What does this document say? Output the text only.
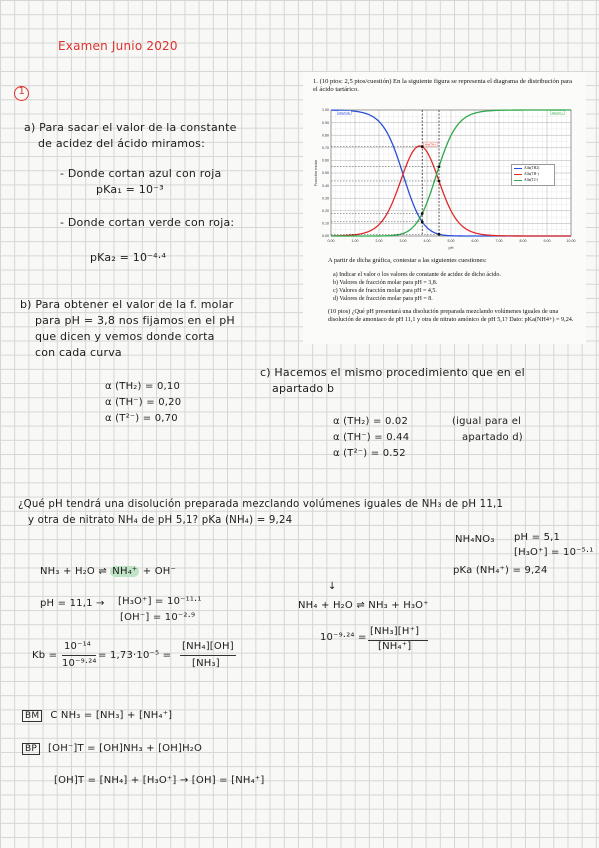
Examen Junio 2020
1
1. (10 ptos: 2,5 ptos/cuestión) En la siguiente figura se representa el diagrama de distribución para el ácido tartárico.
0.00	1.00	2.00	3.00	4.00	5.00	6.00	7.00	8.00	9.00	10.00
0.00
0.10
0.20
0.30
0.40
0.50
0.60
0.70
0.80
0.90
1.00
pH
Fracción molar
Alfa(TH2)
Alfa(TH-)
Alfa(T2-)
Alfa(TH2)
Alfa(TH-)
Alfa(T2-)
A partir de dicha gráfica, contestar a las siguientes cuestiones:
a) Indicar el valor o los valores de constante de acidez de dicho ácido.
b) Valores de fracción molar para pH = 3,8.
c) Valores de fracción molar para pH = 4,5.
d) Valores de fracción molar para pH = 8.
(10 ptos) ¿Qué pH presentará una disolución preparada mezclando volúmenes iguales de una disolución de amoniaco de pH 11,1 y otra de nitrato amónico de pH 5,1? Dato: pKa(NH4+) = 9,24.
a) Para sacar el valor de la constante
de acidez del ácido miramos:
- Donde cortan azul con roja
pKa₁ = 10⁻³
- Donde cortan verde con roja:
pKa₂ = 10⁻⁴·⁴
b) Para obtener el valor de la f. molar
para pH = 3,8 nos fijamos en el pH
que dicen y vemos donde corta
con cada curva
α (TH₂) = 0,10
α (TH⁻) = 0,20
α (T²⁻) = 0,70
c) Hacemos el mismo procedimiento que en el
apartado b
α (TH₂) = 0.02
α (TH⁻) = 0.44
α (T²⁻) = 0.52
(igual para el
apartado d)
¿Qué pH tendrá una disolución preparada mezclando volúmenes iguales de NH₃ de pH 11,1
y otra de nitrato NH₄ de pH 5,1? pKa (NH₄) = 9,24
NH₄NO₃ pH = 5,1
[H₃O⁺] = 10⁻⁵·¹
pKa (NH₄⁺) = 9,24
NH₃ + H₂O ⇌ NH₄⁺ + OH⁻
pH = 11,1 → [H₃O⁺] = 10⁻¹¹·¹
[OH⁻] = 10⁻²·⁹
↓
NH₄ + H₂O ⇌ NH₃ + H₃O⁺
10⁻⁹·²⁴ =
[NH₃][H⁺]
[NH₄⁺]
Kb =
10⁻¹⁴
10⁻⁹·²⁴
= 1,73·10⁻⁵ =
[NH₄][OH]
[NH₃]
BM C NH₃ = [NH₃] + [NH₄⁺]
BP [OH⁻]T = [OH]NH₃ + [OH]H₂O
[OH]T = [NH₄] + [H₃O⁺] → [OH] = [NH₄⁺]
